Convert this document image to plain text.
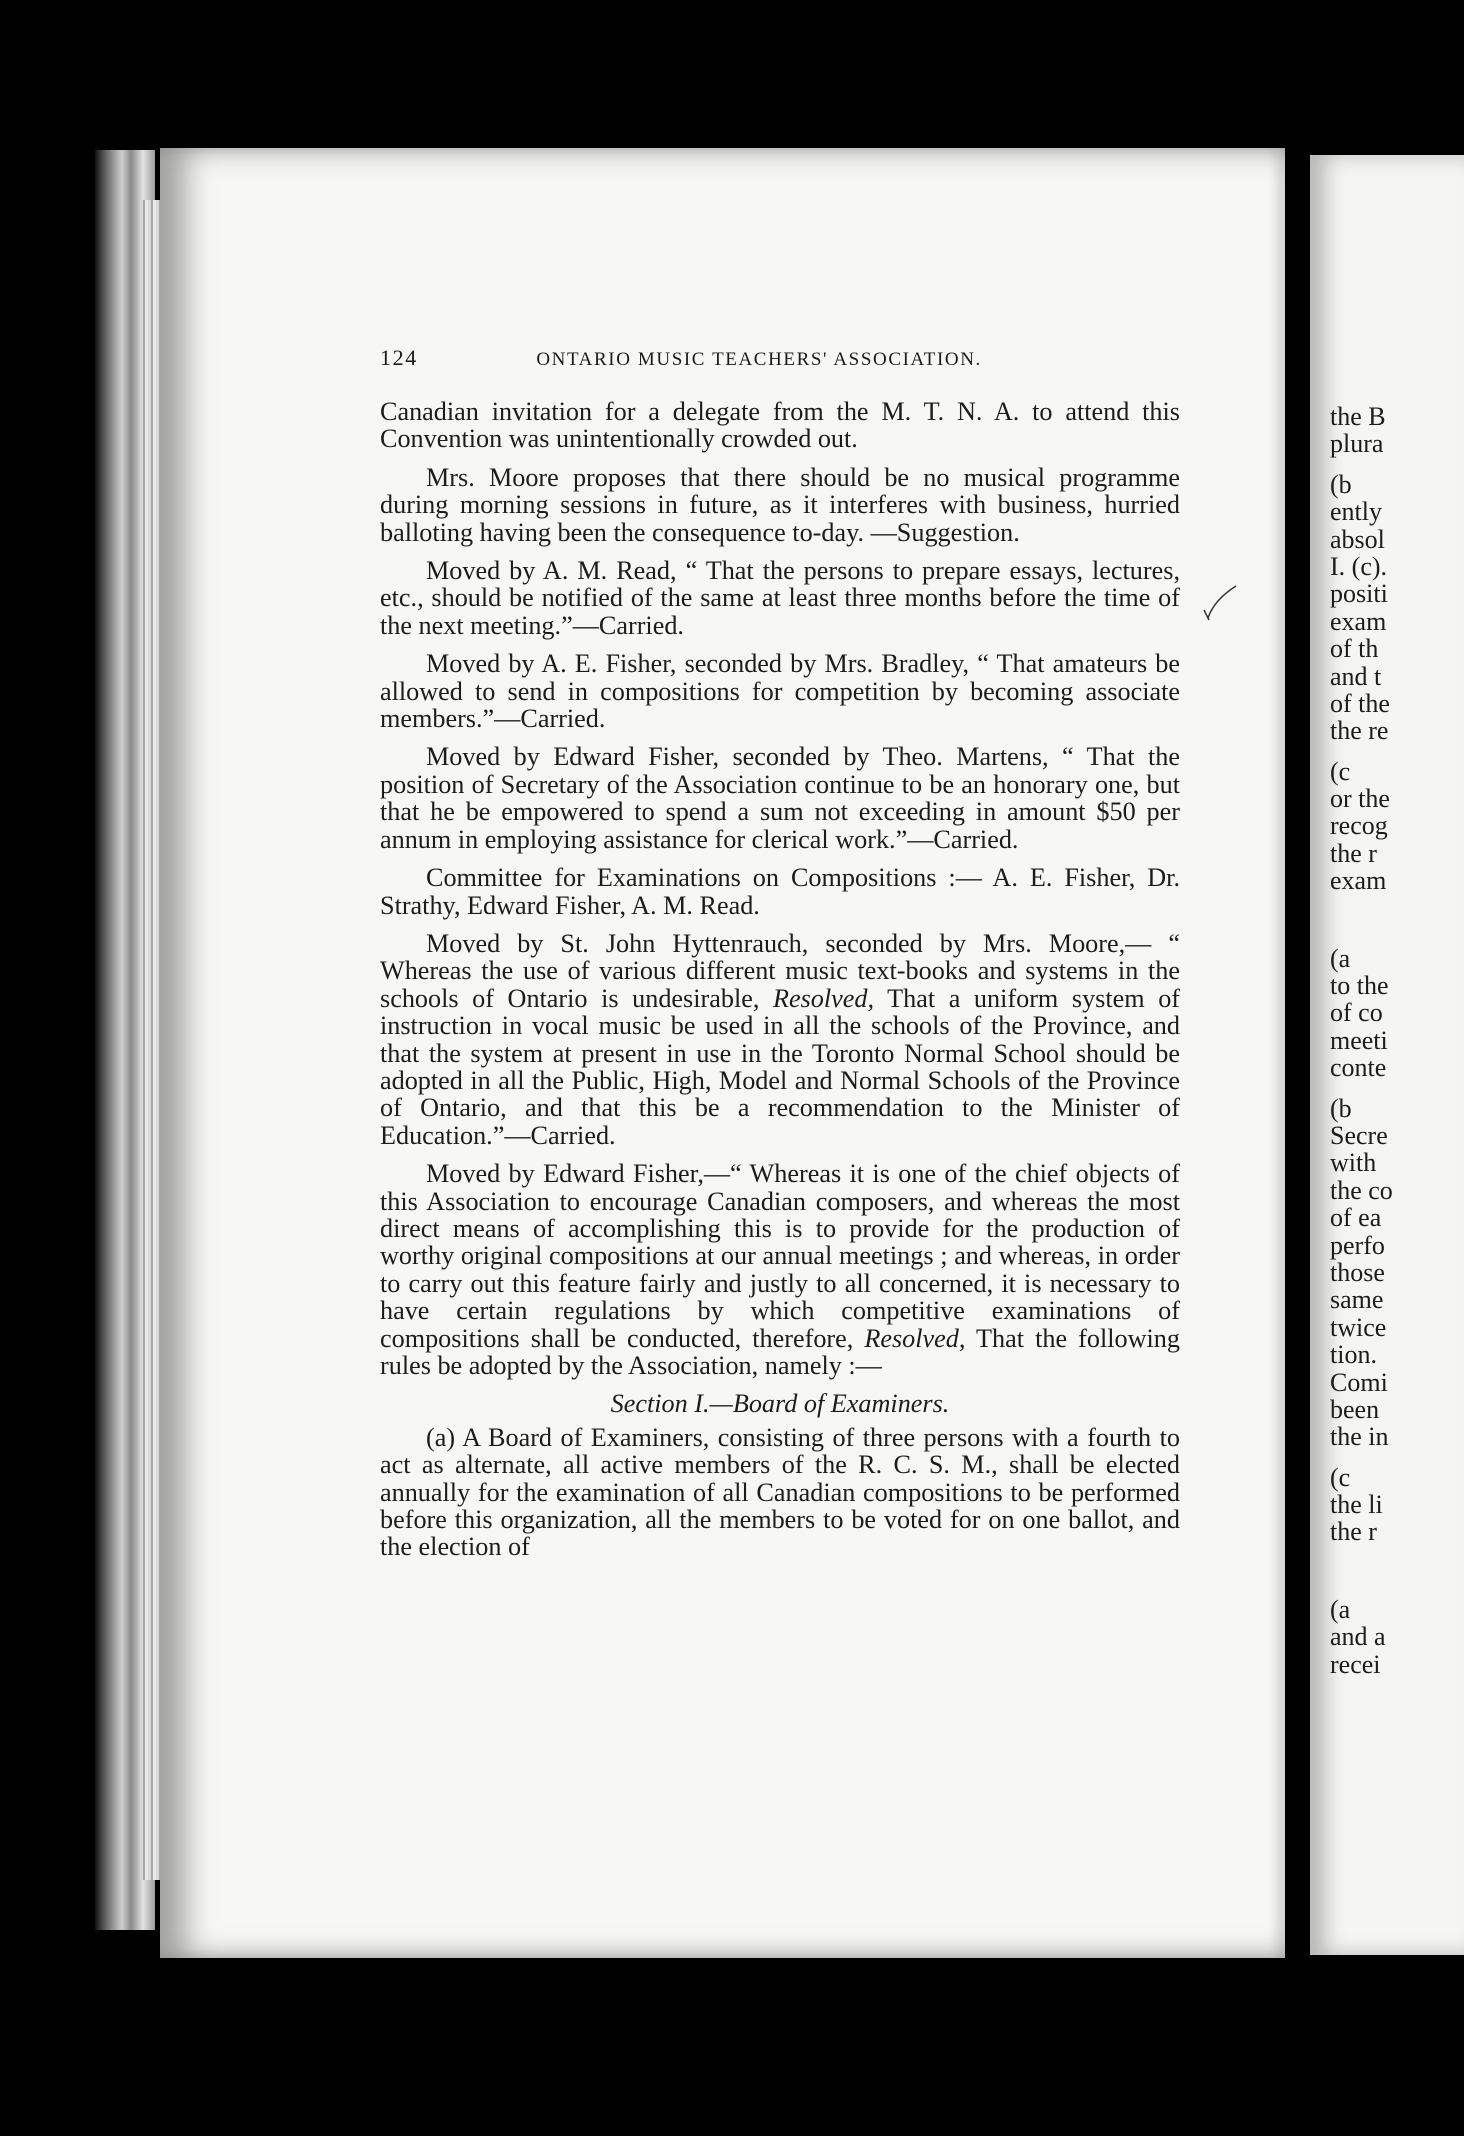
the B
plura
(b
ently
absol
I. (c).
positi
exam
of th
and t
of the
the re
(c
or the
recog
the r
exam
(a
to the
of co
meeti
conte
(b
Secre
with
the co
of ea
perfo
those
same
twice
tion.
Comi
been
the in
(c
the li
the r
(a
and a
recei
124	ONTARIO MUSIC TEACHERS' ASSOCIATION.

Canadian invitation for a delegate from the M. T. N. A. to attend this Convention was unintentionally crowded out.

Mrs. Moore proposes that there should be no musical programme during morning sessions in future, as it interferes with business, hurried balloting having been the consequence to-day. —Suggestion.

Moved by A. M. Read, “ That the persons to prepare essays, lectures, etc., should be notified of the same at least three months before the time of the next meeting.”—Carried.

Moved by A. E. Fisher, seconded by Mrs. Bradley, “ That amateurs be allowed to send in compositions for competition by becoming associate members.”—Carried.

Moved by Edward Fisher, seconded by Theo. Martens, “ That the position of Secretary of the Association continue to be an honorary one, but that he be empowered to spend a sum not exceeding in amount $50 per annum in employing assistance for clerical work.”—Carried.

Committee for Examinations on Compositions :— A. E. Fisher, Dr. Strathy, Edward Fisher, A. M. Read.

Moved by St. John Hyttenrauch, seconded by Mrs. Moore,— “ Whereas the use of various different music text-books and systems in the schools of Ontario is undesirable, Resolved, That a uniform system of instruction in vocal music be used in all the schools of the Province, and that the system at present in use in the Toronto Normal School should be adopted in all the Public, High, Model and Normal Schools of the Province of Ontario, and that this be a recommendation to the Minister of Education.”—Carried.

Moved by Edward Fisher,—“ Whereas it is one of the chief objects of this Association to encourage Canadian composers, and whereas the most direct means of accomplishing this is to provide for the production of worthy original compositions at our annual meetings ; and whereas, in order to carry out this feature fairly and justly to all concerned, it is necessary to have certain regulations by which competitive examinations of compositions shall be conducted, therefore, Resolved, That the following rules be adopted by the Association, namely :—

Section I.—Board of Examiners.

(a) A Board of Examiners, consisting of three persons with a fourth to act as alternate, all active members of the R. C. S. M., shall be elected annually for the examination of all Canadian compositions to be performed before this organization, all the members to be voted for on one ballot, and the election of
